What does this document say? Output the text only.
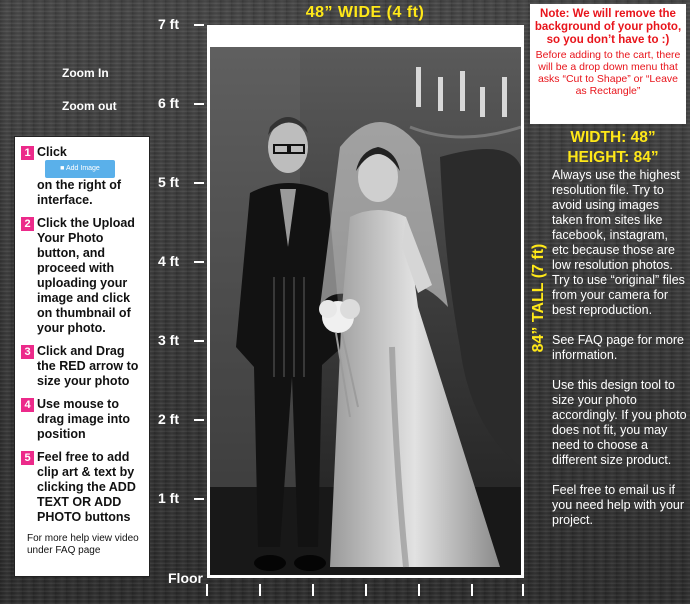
7 ft
6 ft
5 ft
4 ft
3 ft
2 ft
1 ft
Floor
Zoom In
Zoom out
1 Click ■ Add Image
on the right of interface.
2 Click the Upload Your Photo button, and proceed with uploading your image and click on thumbnail of your photo.
3 Click and Drag the RED arrow to size your photo
4 Use mouse to drag image into position
5 Feel free to add clip art & text by clicking the ADD TEXT OR ADD PHOTO buttons
For more help view video under FAQ page
48” WIDE (4 ft)
84” TALL (7 ft)
Note: We will remove the background of your photo, so you don’t have to :)
Before adding to the cart, there will be a drop down menu that asks “Cut to Shape” or “Leave as Rectangle”
WIDTH: 48”
HEIGHT: 84”

Always use the highest resolution file. Try to avoid using images taken from sites like facebook, instagram, etc because those are low resolution photos. Try to use “original” files from your camera for best reproduction.

See FAQ page for more information.

Use this design tool to size your photo accordingly. If you photo does not fit, you may need to choose a different size product.

Feel free to email us if you need help with your project.
